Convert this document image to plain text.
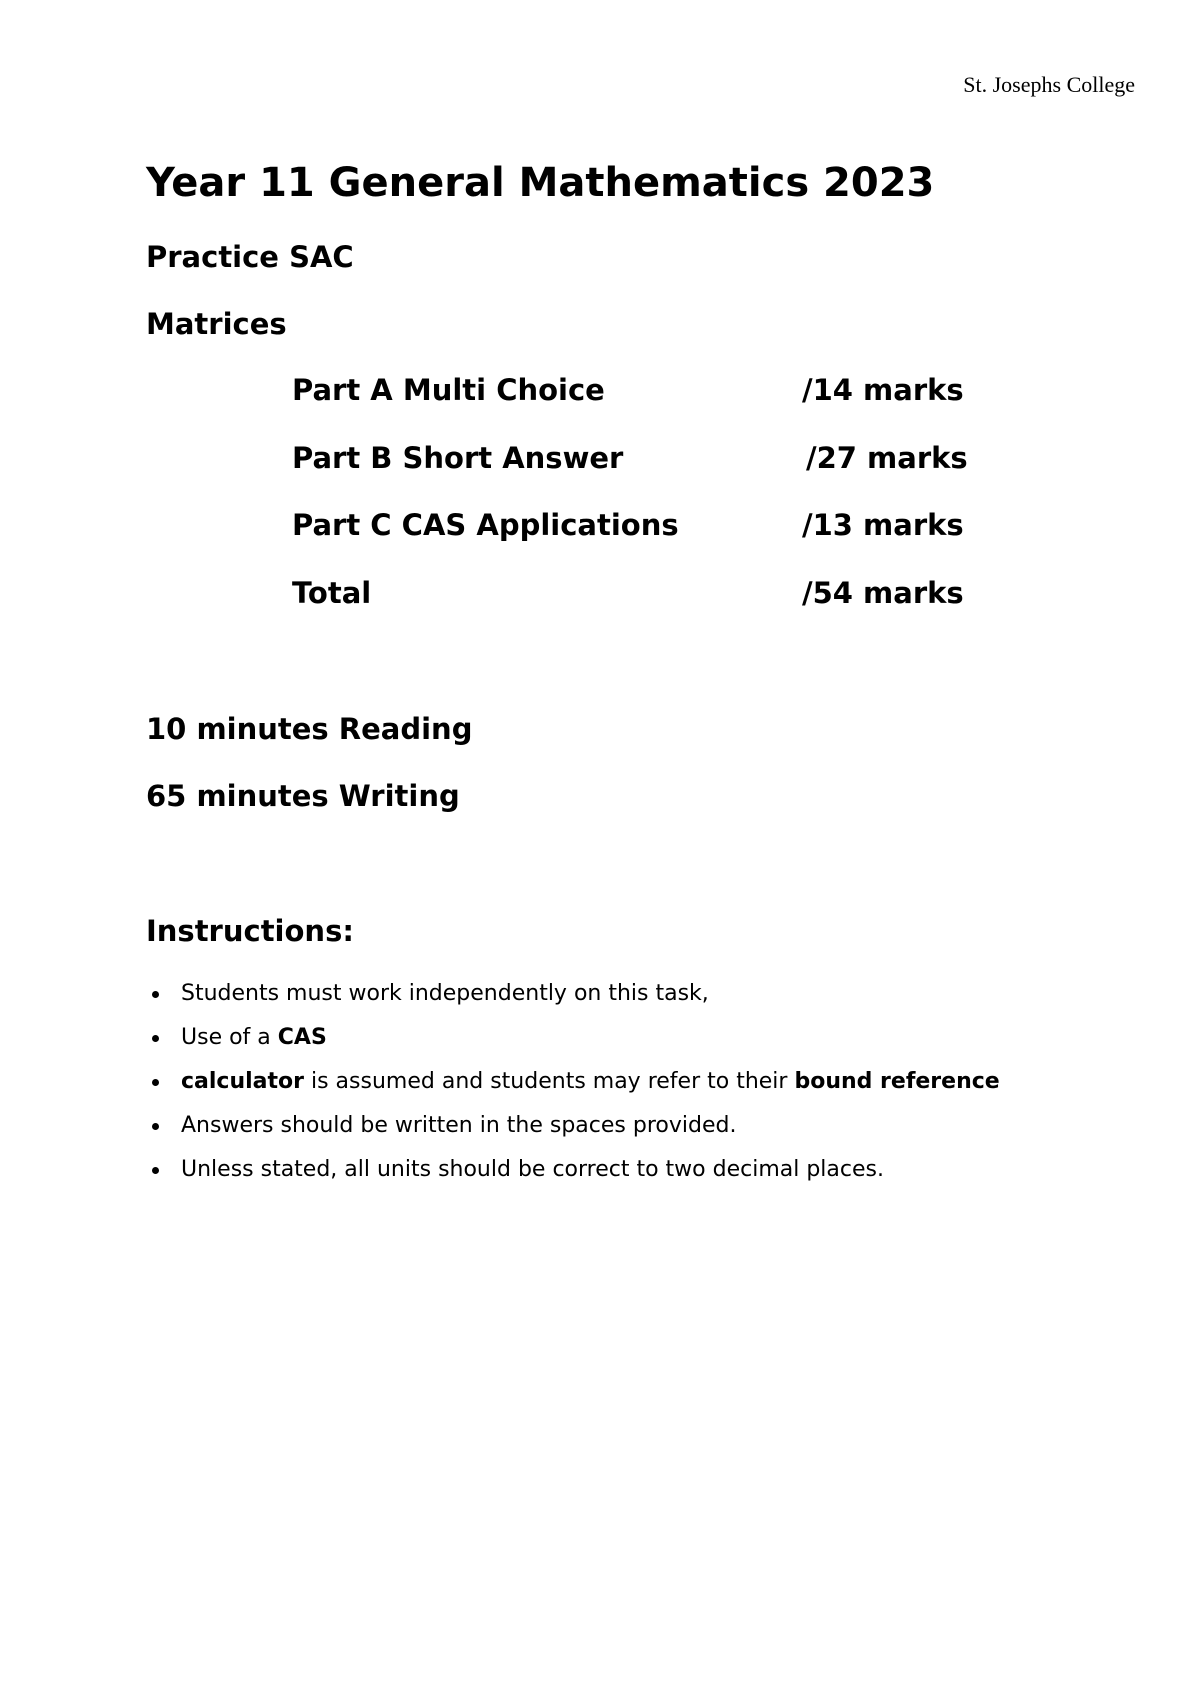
St. Josephs College
Year 11 General Mathematics 2023
Practice SAC
Matrices
Part A Multi Choice	/14 marks
Part B Short Answer	/27 marks
Part C CAS Applications	/13 marks
Total	/54 marks

10 minutes Reading

65 minutes Writing

Instructions:
Students must work independently on this task,
Use of a CAS
calculator is assumed and students may refer to their bound reference
Answers should be written in the spaces provided.
Unless stated, all units should be correct to two decimal places.
